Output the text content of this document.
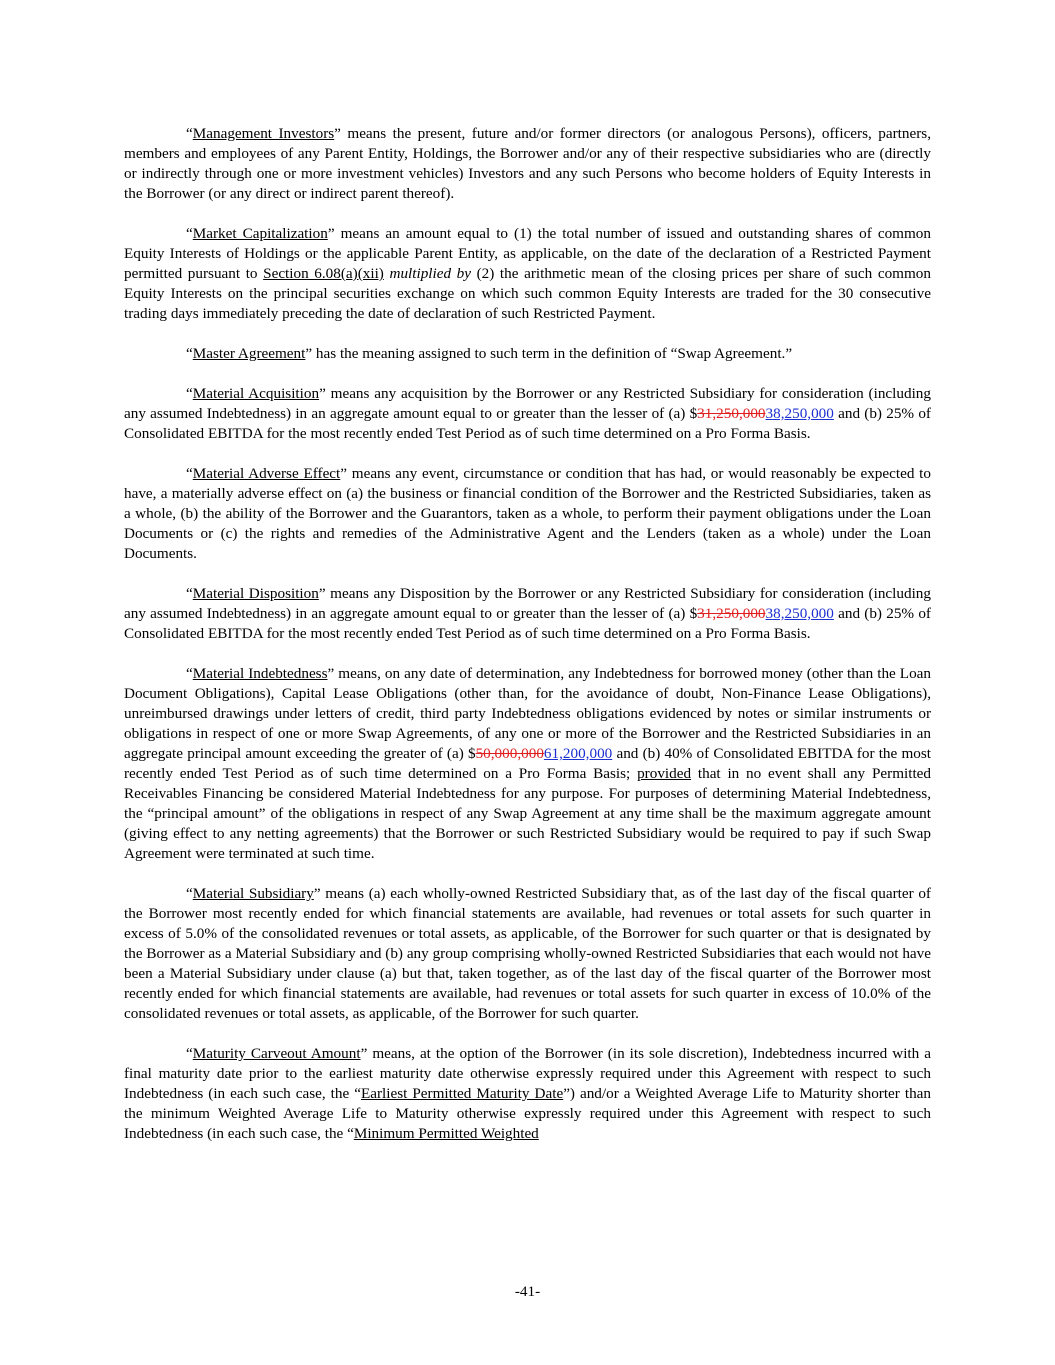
“Management Investors” means the present, future and/or former directors (or analogous Persons), officers, partners, members and employees of any Parent Entity, Holdings, the Borrower and/or any of their respective subsidiaries who are (directly or indirectly through one or more investment vehicles) Investors and any such Persons who become holders of Equity Interests in the Borrower (or any direct or indirect parent thereof).

“Market Capitalization” means an amount equal to (1) the total number of issued and outstanding shares of common Equity Interests of Holdings or the applicable Parent Entity, as applicable, on the date of the declaration of a Restricted Payment permitted pursuant to Section 6.08(a)(xii) multiplied by (2) the arithmetic mean of the closing prices per share of such common Equity Interests on the principal securities exchange on which such common Equity Interests are traded for the 30 consecutive trading days immediately preceding the date of declaration of such Restricted Payment.

“Master Agreement” has the meaning assigned to such term in the definition of “Swap Agreement.”

“Material Acquisition” means any acquisition by the Borrower or any Restricted Subsidiary for consideration (including any assumed Indebtedness) in an aggregate amount equal to or greater than the lesser of (a) $31,250,00038,250,000 and (b) 25% of Consolidated EBITDA for the most recently ended Test Period as of such time determined on a Pro Forma Basis.

“Material Adverse Effect” means any event, circumstance or condition that has had, or would reasonably be expected to have, a materially adverse effect on (a) the business or financial condition of the Borrower and the Restricted Subsidiaries, taken as a whole, (b) the ability of the Borrower and the Guarantors, taken as a whole, to perform their payment obligations under the Loan Documents or (c) the rights and remedies of the Administrative Agent and the Lenders (taken as a whole) under the Loan Documents.

“Material Disposition” means any Disposition by the Borrower or any Restricted Subsidiary for consideration (including any assumed Indebtedness) in an aggregate amount equal to or greater than the lesser of (a) $31,250,00038,250,000 and (b) 25% of Consolidated EBITDA for the most recently ended Test Period as of such time determined on a Pro Forma Basis.

“Material Indebtedness” means, on any date of determination, any Indebtedness for borrowed money (other than the Loan Document Obligations), Capital Lease Obligations (other than, for the avoidance of doubt, Non-Finance Lease Obligations), unreimbursed drawings under letters of credit, third party Indebtedness obligations evidenced by notes or similar instruments or obligations in respect of one or more Swap Agreements, of any one or more of the Borrower and the Restricted Subsidiaries in an aggregate principal amount exceeding the greater of (a) $50,000,00061,200,000 and (b) 40% of Consolidated EBITDA for the most recently ended Test Period as of such time determined on a Pro Forma Basis; provided that in no event shall any Permitted Receivables Financing be considered Material Indebtedness for any purpose. For purposes of determining Material Indebtedness, the “principal amount” of the obligations in respect of any Swap Agreement at any time shall be the maximum aggregate amount (giving effect to any netting agreements) that the Borrower or such Restricted Subsidiary would be required to pay if such Swap Agreement were terminated at such time.

“Material Subsidiary” means (a) each wholly-owned Restricted Subsidiary that, as of the last day of the fiscal quarter of the Borrower most recently ended for which financial statements are available, had revenues or total assets for such quarter in excess of 5.0% of the consolidated revenues or total assets, as applicable, of the Borrower for such quarter or that is designated by the Borrower as a Material Subsidiary and (b) any group comprising wholly-owned Restricted Subsidiaries that each would not have been a Material Subsidiary under clause (a) but that, taken together, as of the last day of the fiscal quarter of the Borrower most recently ended for which financial statements are available, had revenues or total assets for such quarter in excess of 10.0% of the consolidated revenues or total assets, as applicable, of the Borrower for such quarter.

“Maturity Carveout Amount” means, at the option of the Borrower (in its sole discretion), Indebtedness incurred with a final maturity date prior to the earliest maturity date otherwise expressly required under this Agreement with respect to such Indebtedness (in each such case, the “Earliest Permitted Maturity Date”) and/or a Weighted Average Life to Maturity shorter than the minimum Weighted Average Life to Maturity otherwise expressly required under this Agreement with respect to such Indebtedness (in each such case, the “Minimum Permitted Weighted

-41-
